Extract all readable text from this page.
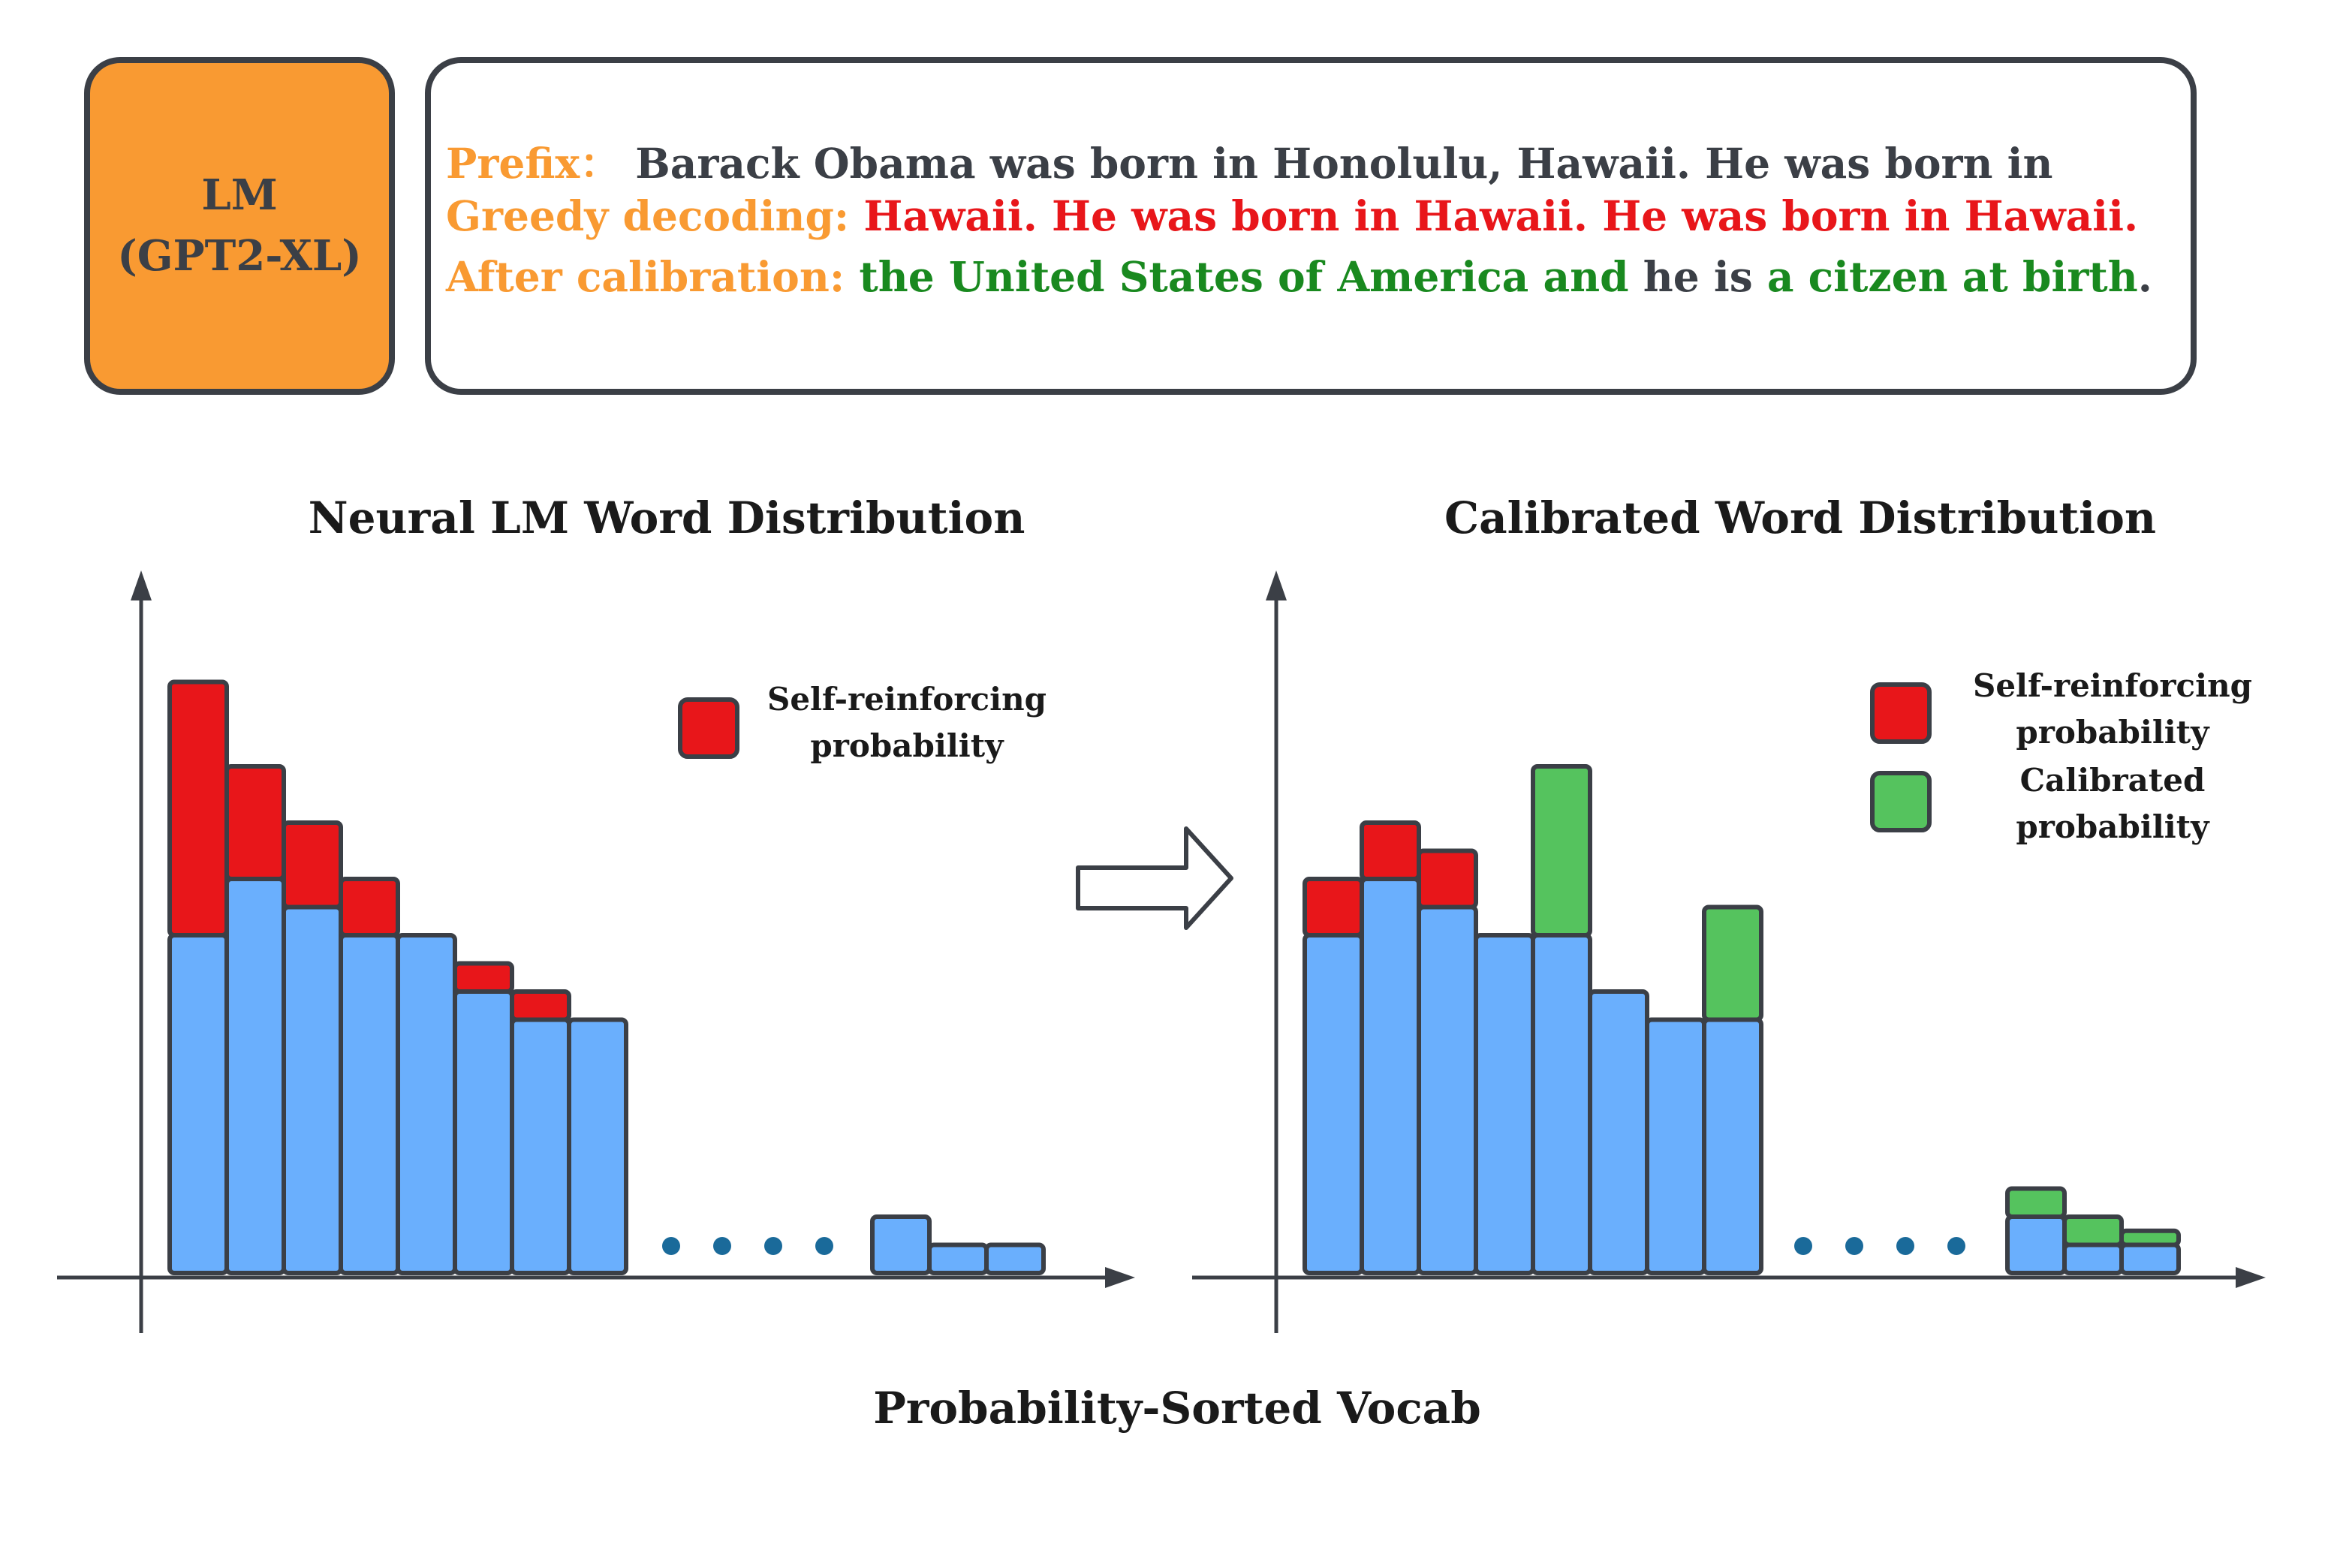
LM
(GPT2-XL)
Prefix： Barack Obama was born in Honolulu, Hawaii. He was born in
Greedy decoding: Hawaii. He was born in Hawaii. He was born in Hawaii.
After calibration: the United States of America and he is a citzen at birth.
Neural LM Word Distribution
Self-reinforcing probability
Calibrated Word Distribution
Self-reinforcing probability
Calibrated probability
Probability-Sorted Vocab
